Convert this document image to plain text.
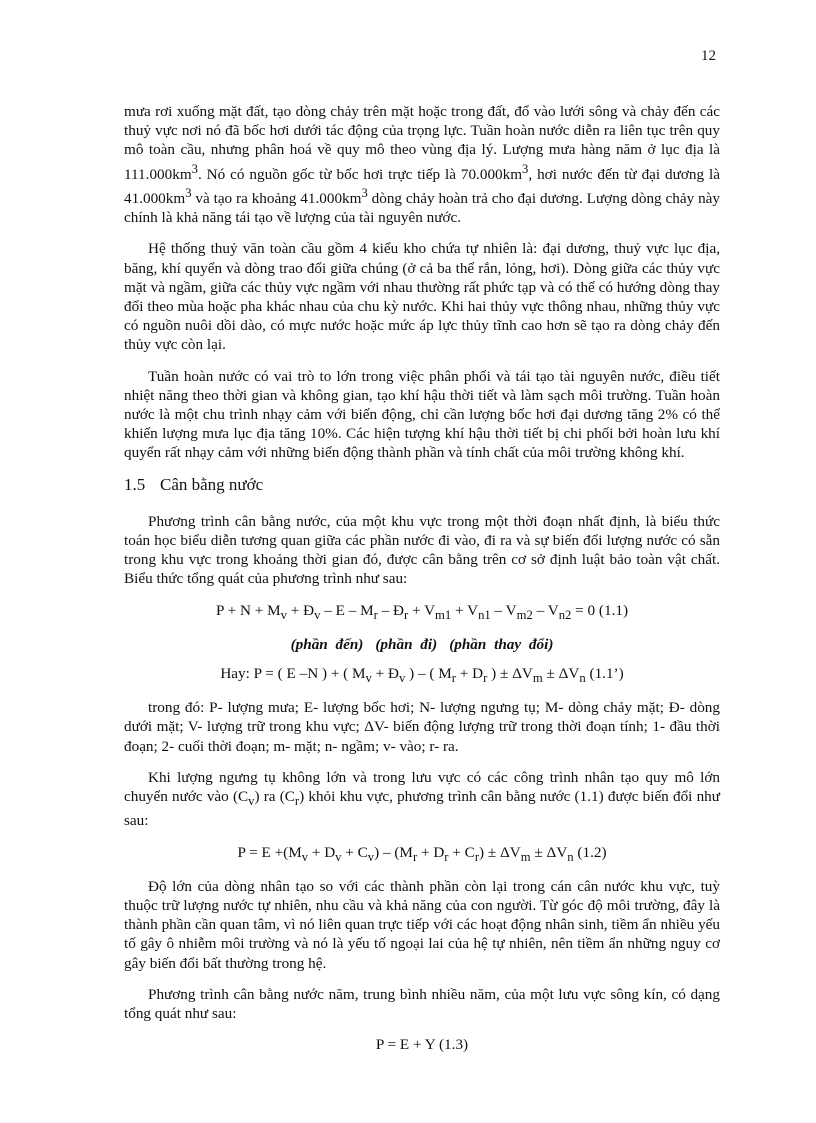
12

mưa rơi xuống mặt đất, tạo dòng chảy trên mặt hoặc trong đất, đổ vào lưới sông và chảy đến các thuỷ vực nơi nó đã bốc hơi dưới tác động của trọng lực. Tuần hoàn nước diễn ra liên tục trên quy mô toàn cầu, nhưng phân hoá về quy mô theo vùng địa lý. Lượng mưa hàng năm ở lục địa là $111.000km^3$. Nó có nguồn gốc từ bốc hơi trực tiếp là $70.000km^3$, hơi nước đến từ đại dương là $41.000km^3$ và tạo ra khoảng $41.000km^3$ dòng chảy hoàn trả cho đại dương. Lượng dòng chảy này chính là khả năng tái tạo về lượng của tài nguyên nước.

Hệ thống thuỷ văn toàn cầu gồm 4 kiểu kho chứa tự nhiên là: đại dương, thuỷ vực lục địa, băng, khí quyển và dòng trao đổi giữa chúng (ở cả ba thể rắn, lỏng, hơi). Dòng giữa các thủy vực mặt và ngầm, giữa các thủy vực ngầm với nhau thường rất phức tạp và có thể có hướng dòng thay đổi theo mùa hoặc pha khác nhau của chu kỳ nước. Khi hai thủy vực thông nhau, những thủy vực có nguồn nuôi dồi dào, có mực nước hoặc mức áp lực thủy tĩnh cao hơn sẽ tạo ra dòng chảy đến thủy vực còn lại.

Tuần hoàn nước có vai trò to lớn trong việc phân phối và tái tạo tài nguyên nước, điều tiết nhiệt năng theo thời gian và không gian, tạo khí hậu thời tiết và làm sạch môi trường. Tuần hoàn nước là một chu trình nhạy cảm với biến động, chỉ cần lượng bốc hơi đại dương tăng 2% có thể khiến lượng mưa lục địa tăng 10%. Các hiện tượng khí hậu thời tiết bị chi phối bởi hoàn lưu khí quyển rất nhạy cảm với những biến động thành phần và tính chất của môi trường không khí.

1.5 Cân bằng nước

Phương trình cân bằng nước, của một khu vực trong một thời đoạn nhất định, là biểu thức toán học biểu diễn tương quan giữa các phần nước đi vào, đi ra và sự biến đổi lượng nước có sẵn trong khu vực trong khoảng thời gian đó, được cân bằng trên cơ sở định luật bảo toàn vật chất. Biểu thức tổng quát của phương trình như sau:

$P + N + M_v$ + $Đ_v$ – E – $M_r$ – $Đ_r + V_{m1} + V_{n1} - V_{m2} - V_{n2} = 0$ (1.1)
(phần đến) (phần đi) (phần thay đổi)
Hay: P = ( E –N ) + ( $M_v$ + $Đ_v$ ) – ( $M_r + D_r$ ) ± $\Delta V_m \pm \Delta V_n$ (1.1’)

trong đó: P- lượng mưa; E- lượng bốc hơi; N- lượng ngưng tụ; M- dòng chảy mặt; Đ- dòng dưới mặt; V- lượng trữ trong khu vực; ΔV- biến động lượng trữ trong thời đoạn tính; 1- đầu thời đoạn; 2- cuối thời đoạn; m- mặt; n- ngầm; v- vào; r- ra.

Khi lượng ngưng tụ không lớn và trong lưu vực có các công trình nhân tạo quy mô lớn chuyển nước vào $(C_v)$ ra $(C_r)$ khỏi khu vực, phương trình cân bằng nước (1.1) được biến đổi như sau:

$P = E +(M_v + D_v + C_v) - (M_r + D_r + C_r) \pm \Delta V_m \pm \Delta V_n$ (1.2)

Độ lớn của dòng nhân tạo so với các thành phần còn lại trong cán cân nước khu vực, tuỳ thuộc trữ lượng nước tự nhiên, nhu cầu và khả năng của con người. Từ góc độ môi trường, đây là thành phần cần quan tâm, vì nó liên quan trực tiếp với các hoạt động nhân sinh, tiềm ẩn nhiều yếu tố gây ô nhiễm môi trường và nó là yếu tố ngoại lai của hệ tự nhiên, nên tiềm ẩn những nguy cơ gây biến đổi bất thường trong hệ.

Phương trình cân bằng nước năm, trung bình nhiều năm, của một lưu vực sông kín, có dạng tổng quát như sau:

P = E + Y (1.3)
